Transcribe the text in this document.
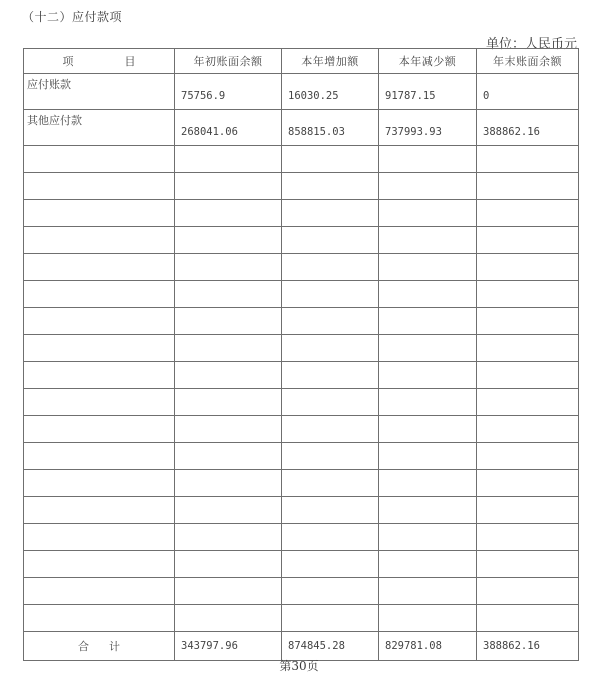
（十二）应付款项
单位：人民币元
项　目	年初账面余额	本年增加额	本年减少额	年末账面余额
应付账款	75756.9	16030.25	91787.15	0
其他应付款	268041.06	858815.03	737993.93	388862.16

合计	343797.96	874845.28	829781.08	388862.16
第30页
